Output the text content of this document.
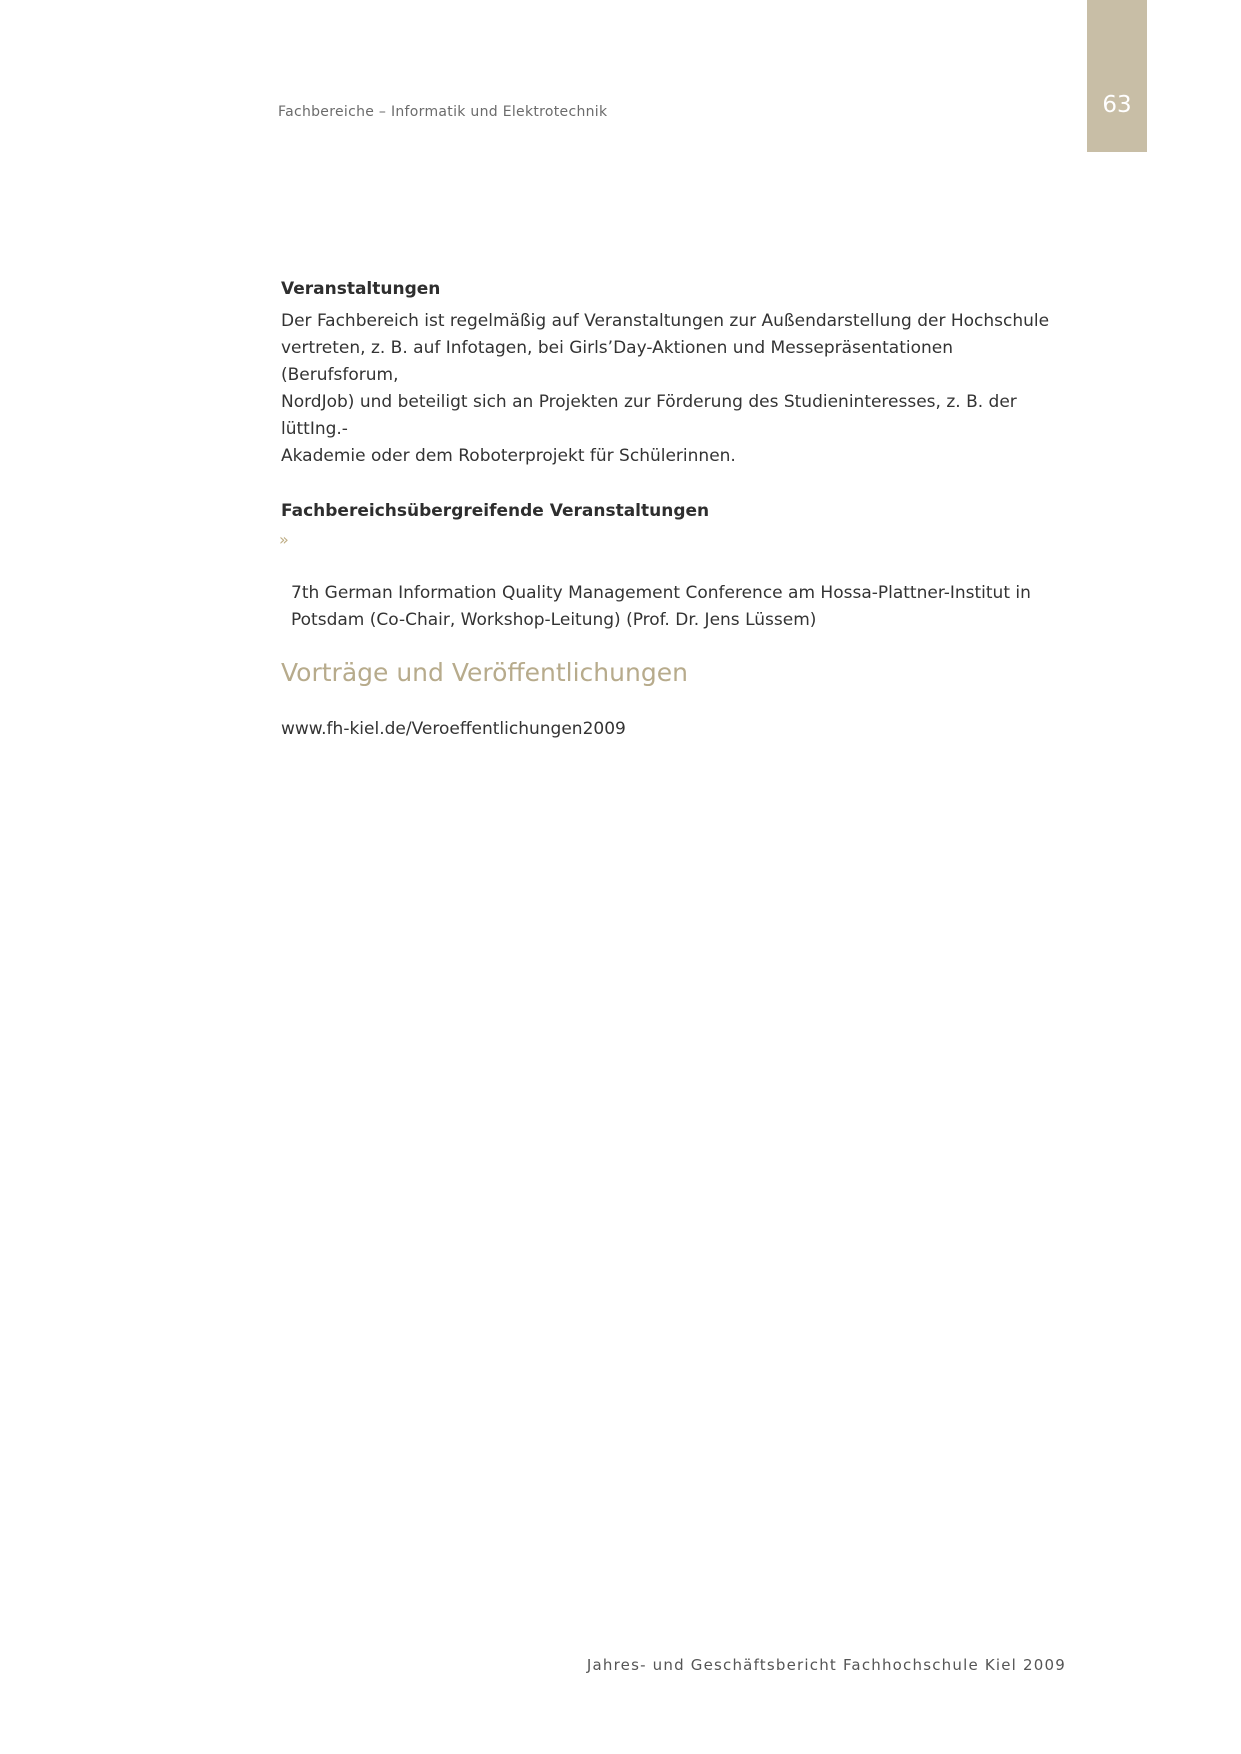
Fachbereiche – Informatik und Elektrotechnik	63
Veranstaltungen

Der Fachbereich ist regelmäßig auf Veranstaltungen zur Außendarstellung der Hochschule
vertreten, z. B. auf Infotagen, bei Girls’Day-Aktionen und Messepräsentationen (Berufsforum,
NordJob) und beteiligt sich an Projekten zur Förderung des Studieninteresses, z. B. der lüttIng.-
Akademie oder dem Roboterprojekt für Schülerinnen.

Fachbereichsübergreifende Veranstaltungen

»

7th German Information Quality Management Conference am Hossa-Plattner-Institut in
Potsdam (Co-Chair, Workshop-Leitung) (Prof. Dr. Jens Lüssem)

Vorträge und Veröffentlichungen
www.fh-kiel.de/Veroeffentlichungen2009
Jahres- und Geschäftsbericht Fachhochschule Kiel 2009
